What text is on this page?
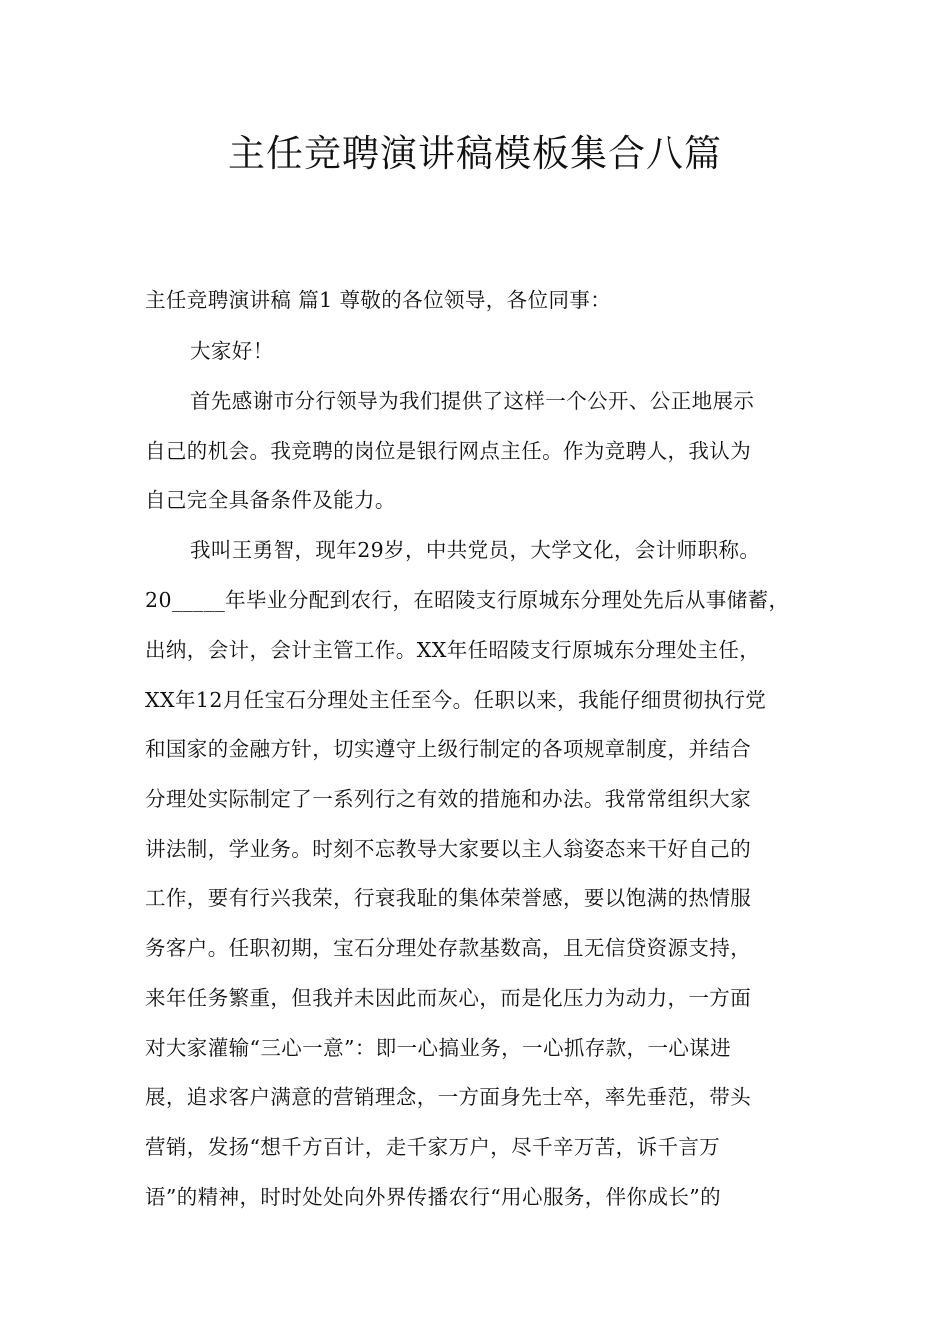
主任竞聘演讲稿模板集合八篇
主任竞聘演讲稿 篇1 尊敬的各位领导，各位同事：
大家好！
首先感谢市分行领导为我们提供了这样一个公开、公正地展示
自己的机会。我竞聘的岗位是银行网点主任。作为竞聘人，我认为
自己完全具备条件及能力。
我叫王勇智，现年29岁，中共党员，大学文化，会计师职称。
20_____年毕业分配到农行，在昭陵支行原城东分理处先后从事储蓄，
出纳，会计，会计主管工作。XX年任昭陵支行原城东分理处主任，
XX年12月任宝石分理处主任至今。任职以来，我能仔细贯彻执行党
和国家的金融方针，切实遵守上级行制定的各项规章制度，并结合
分理处实际制定了一系列行之有效的措施和办法。我常常组织大家
讲法制，学业务。时刻不忘教导大家要以主人翁姿态来干好自己的
工作，要有行兴我荣，行衰我耻的集体荣誉感，要以饱满的热情服
务客户。任职初期，宝石分理处存款基数高，且无信贷资源支持，
来年任务繁重，但我并未因此而灰心，而是化压力为动力，一方面
对大家灌输“三心一意”：即一心搞业务，一心抓存款，一心谋进
展，追求客户满意的营销理念，一方面身先士卒，率先垂范，带头
营销，发扬“想千方百计，走千家万户，尽千辛万苦，诉千言万
语”的精神，时时处处向外界传播农行“用心服务，伴你成长”的
